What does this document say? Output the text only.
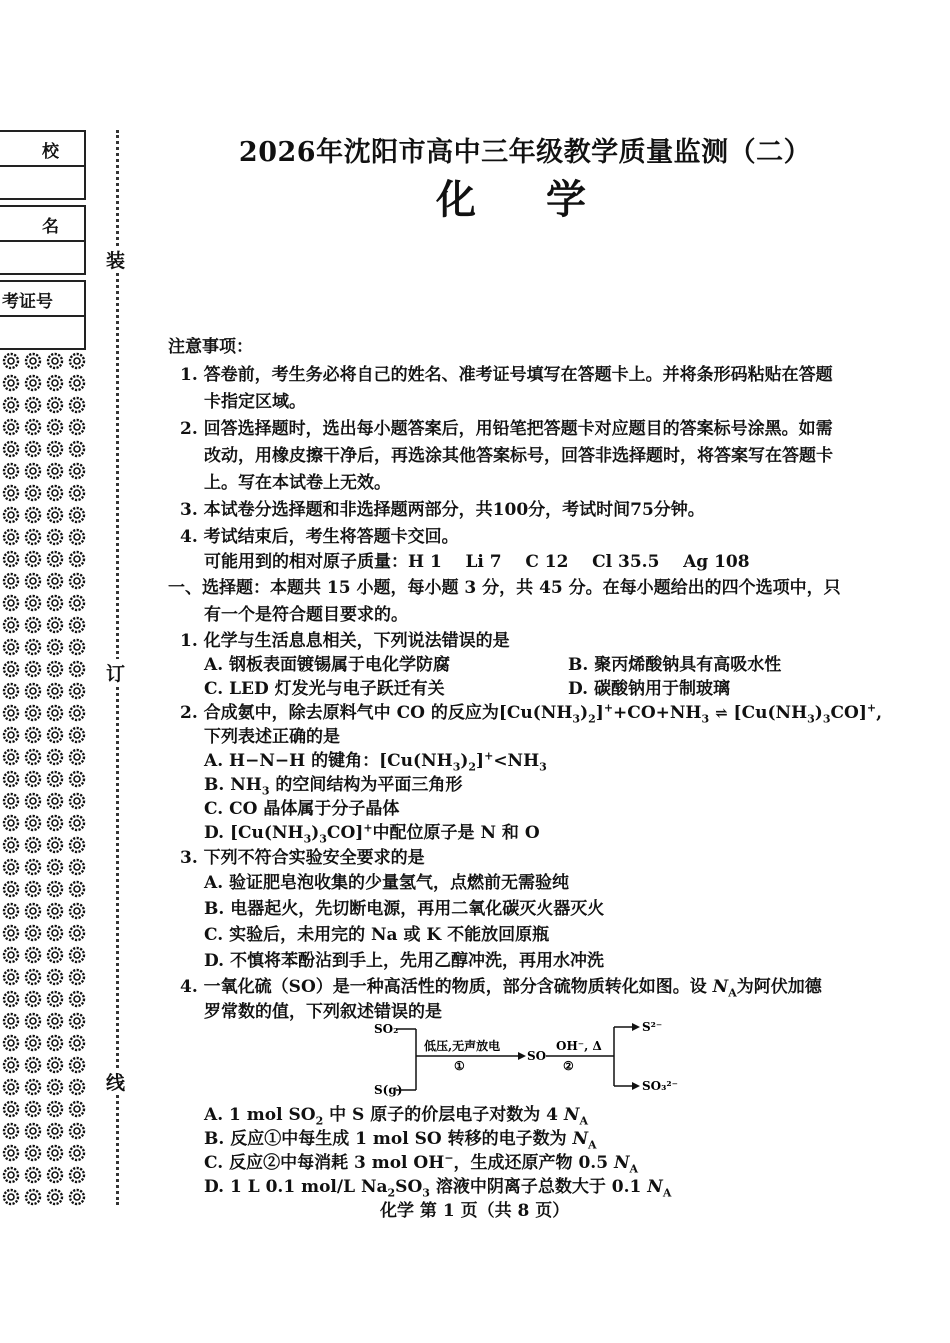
校
名
考证号
装
订
线
2026年沈阳市高中三年级教学质量监测（二）
化 学
注意事项：
1. 答卷前，考生务必将自己的姓名、准考证号填写在答题卡上。并将条形码粘贴在答题
卡指定区域。
2. 回答选择题时，选出每小题答案后，用铅笔把答题卡对应题目的答案标号涂黑。如需
改动，用橡皮擦干净后，再选涂其他答案标号，回答非选择题时，将答案写在答题卡
上。写在本试卷上无效。
3. 本试卷分选择题和非选择题两部分，共100分，考试时间75分钟。
4. 考试结束后，考生将答题卡交回。
可能用到的相对原子质量：H 1    Li 7    C 12    Cl 35.5    Ag 108
一、选择题：本题共 15 小题，每小题 3 分，共 45 分。在每小题给出的四个选项中，只
有一个是符合题目要求的。
1. 化学与生活息息相关，下列说法错误的是
A. 钢板表面镀锡属于电化学防腐	B. 聚丙烯酸钠具有高吸水性
C. LED 灯发光与电子跃迁有关	D. 碳酸钠用于制玻璃
2. 合成氨中，除去原料气中 CO 的反应为$[Cu(NH_3)_2]^++CO+NH_3$ ⇌ $[Cu(NH_3)_3CO]^+$,
下列表述正确的是
A. H−N−H 的键角：$[Cu(NH_3)_2]^+<NH_3$
B. $NH_3$ 的空间结构为平面三角形
C. CO 晶体属于分子晶体
D. $[Cu(NH_3)_3CO]^+$中配位原子是 N 和 O
3. 下列不符合实验安全要求的是
A. 验证肥皂泡收集的少量氢气，点燃前无需验纯
B. 电器起火，先切断电源，再用二氧化碳灭火器灭火
C. 实验后，未用完的 Na 或 K 不能放回原瓶
D. 不慎将苯酚沾到手上，先用乙醇冲洗，再用水冲洗
4. 一氧化硫（SO）是一种高活性的物质，部分含硫物质转化如图。设 $N_A$为阿伏加德
罗常数的值，下列叙述错误的是
SO₂
S(g)
低压,无声放电
①
SO
OH⁻, Δ
②
S²⁻
SO₃²⁻
A. 1 mol $SO_2$ 中 S 原子的价层电子对数为 4 $N_A$
B. 反应①中每生成 1 mol SO 转移的电子数为 $N_A$
C. 反应②中每消耗 3 mol OH−，生成还原产物 0.5 $N_A$
D. 1 L 0.1 mol/L $Na_2SO_3$ 溶液中阴离子总数大于 0.1 $N_A$
化学 第 1 页（共 8 页）
